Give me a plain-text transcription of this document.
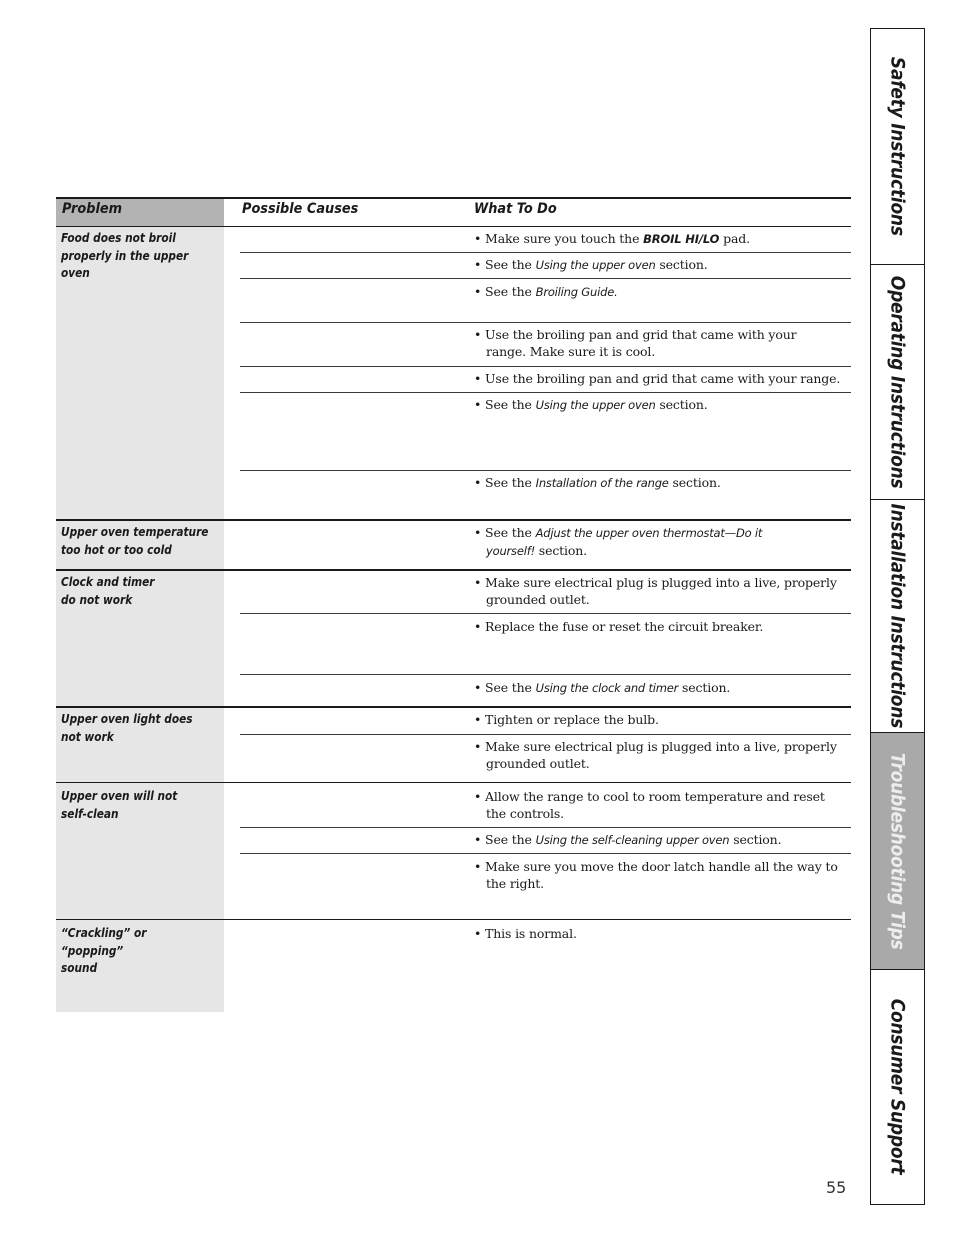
Problem	Possible Causes	What To Do
Food does not broil properly in the upper oven
Upper oven temperature too hot or too cold
Clock and timer do not work
Upper oven light does not work
Upper oven will not self-clean
“Crackling” or “popping” sound
• Make sure you touch the BROIL HI/LO pad.
• See the Using the upper oven section.
• See the Broiling Guide.
• Use the broiling pan and grid that came with your range. Make sure it is cool.
• Use the broiling pan and grid that came with your range.
• See the Using the upper oven section.
• See the Installation of the range section.
• See the Adjust the upper oven thermostat—Do it yourself! section.
• Make sure electrical plug is plugged into a live, properly grounded outlet.
• Replace the fuse or reset the circuit breaker.
• See the Using the clock and timer section.
• Tighten or replace the bulb.
• Make sure electrical plug is plugged into a live, properly grounded outlet.
• Allow the range to cool to room temperature and reset the controls.
• See the Using the self-cleaning upper oven section.
• Make sure you move the door latch handle all the way to the right.
• This is normal.
Safety Instructions
Operating Instructions
Installation Instructions
Troubleshooting Tips
Consumer Support
55
